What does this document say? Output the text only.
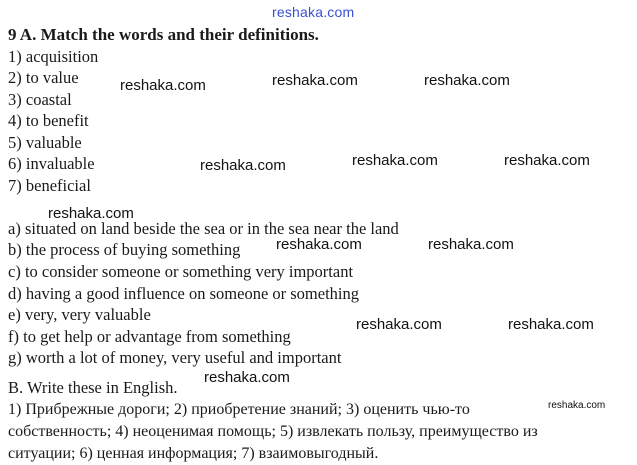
reshaka.com
reshaka.com	reshaka.com	reshaka.com
reshaka.com	reshaka.com	reshaka.com
reshaka.com
reshaka.com	reshaka.com
reshaka.com	reshaka.com
reshaka.com
reshaka.com
9 A. Match the words and their definitions.
1) acquisition
2) to value
3) coastal
4) to benefit
5) valuable
6) invaluable
7) beneficial
a) situated on land beside the sea or in the sea near the land
b) the process of buying something
c) to consider someone or something very important
d) having a good influence on someone or something
e) very, very valuable
f) to get help or advantage from something
g) worth a lot of money, very useful and important
B. Write these in English.
1) Прибрежные дороги; 2) приобретение знаний; 3) оценить чью-то
собственность; 4) неоценимая помощь; 5) извлекать пользу, преимущество из
ситуации; 6) ценная информация; 7) взаимовыгодный.
